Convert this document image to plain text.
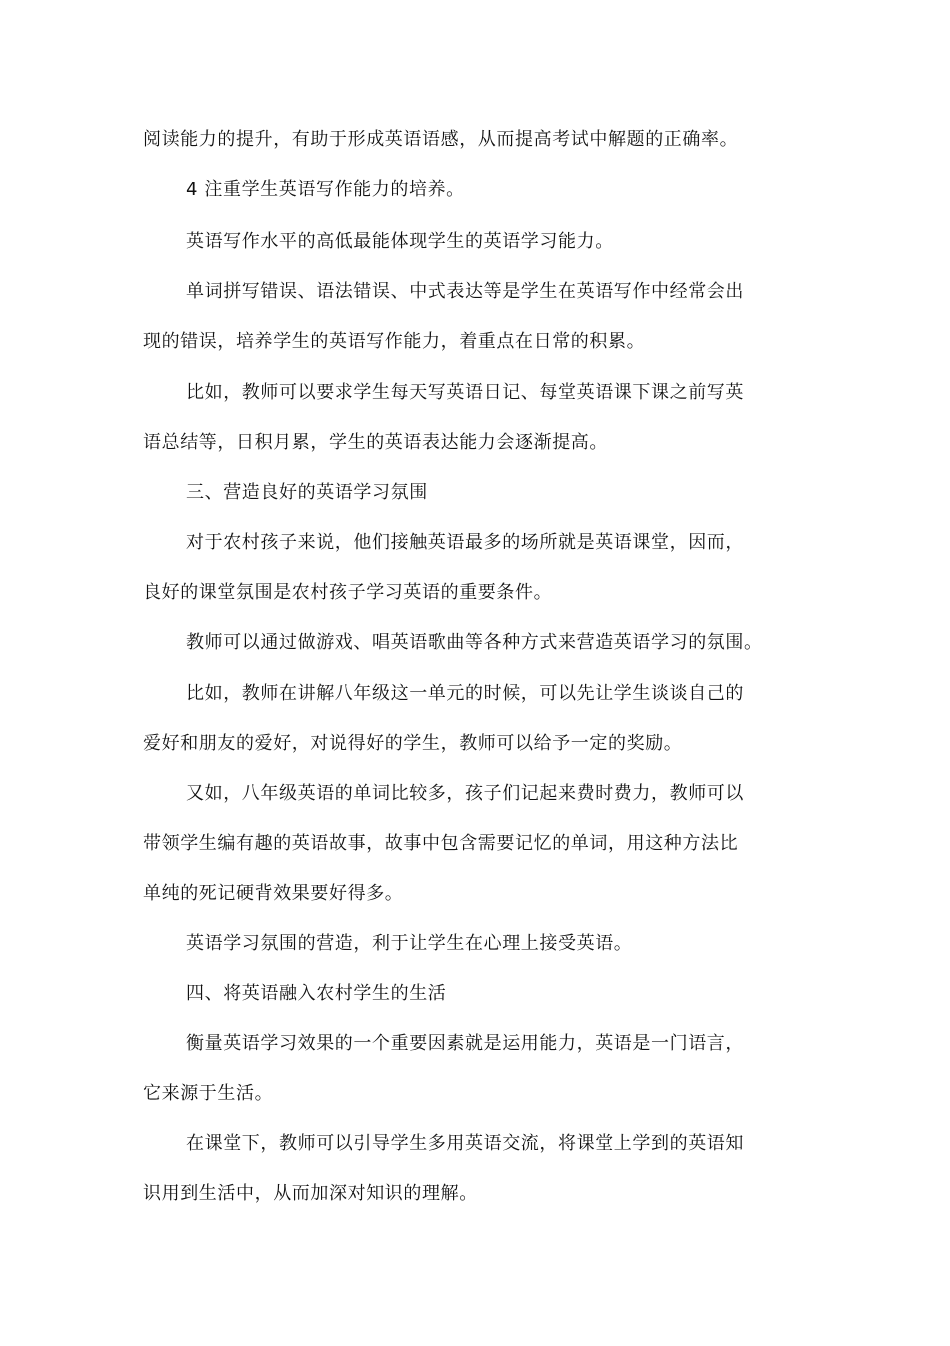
阅读能力的提升，有助于形成英语语感，从而提高考试中解题的正确率。

4 注重学生英语写作能力的培养。

英语写作水平的高低最能体现学生的英语学习能力。

单词拼写错误、语法错误、中式表达等是学生在英语写作中经常会出

现的错误，培养学生的英语写作能力，着重点在日常的积累。

比如，教师可以要求学生每天写英语日记、每堂英语课下课之前写英

语总结等，日积月累，学生的英语表达能力会逐渐提高。

三、营造良好的英语学习氛围

对于农村孩子来说，他们接触英语最多的场所就是英语课堂，因而，

良好的课堂氛围是农村孩子学习英语的重要条件。

教师可以通过做游戏、唱英语歌曲等各种方式来营造英语学习的氛围。

比如，教师在讲解八年级这一单元的时候，可以先让学生谈谈自己的

爱好和朋友的爱好，对说得好的学生，教师可以给予一定的奖励。

又如，八年级英语的单词比较多，孩子们记起来费时费力，教师可以

带领学生编有趣的英语故事，故事中包含需要记忆的单词，用这种方法比

单纯的死记硬背效果要好得多。

英语学习氛围的营造，利于让学生在心理上接受英语。

四、将英语融入农村学生的生活

衡量英语学习效果的一个重要因素就是运用能力，英语是一门语言，

它来源于生活。

在课堂下，教师可以引导学生多用英语交流，将课堂上学到的英语知

识用到生活中，从而加深对知识的理解。
